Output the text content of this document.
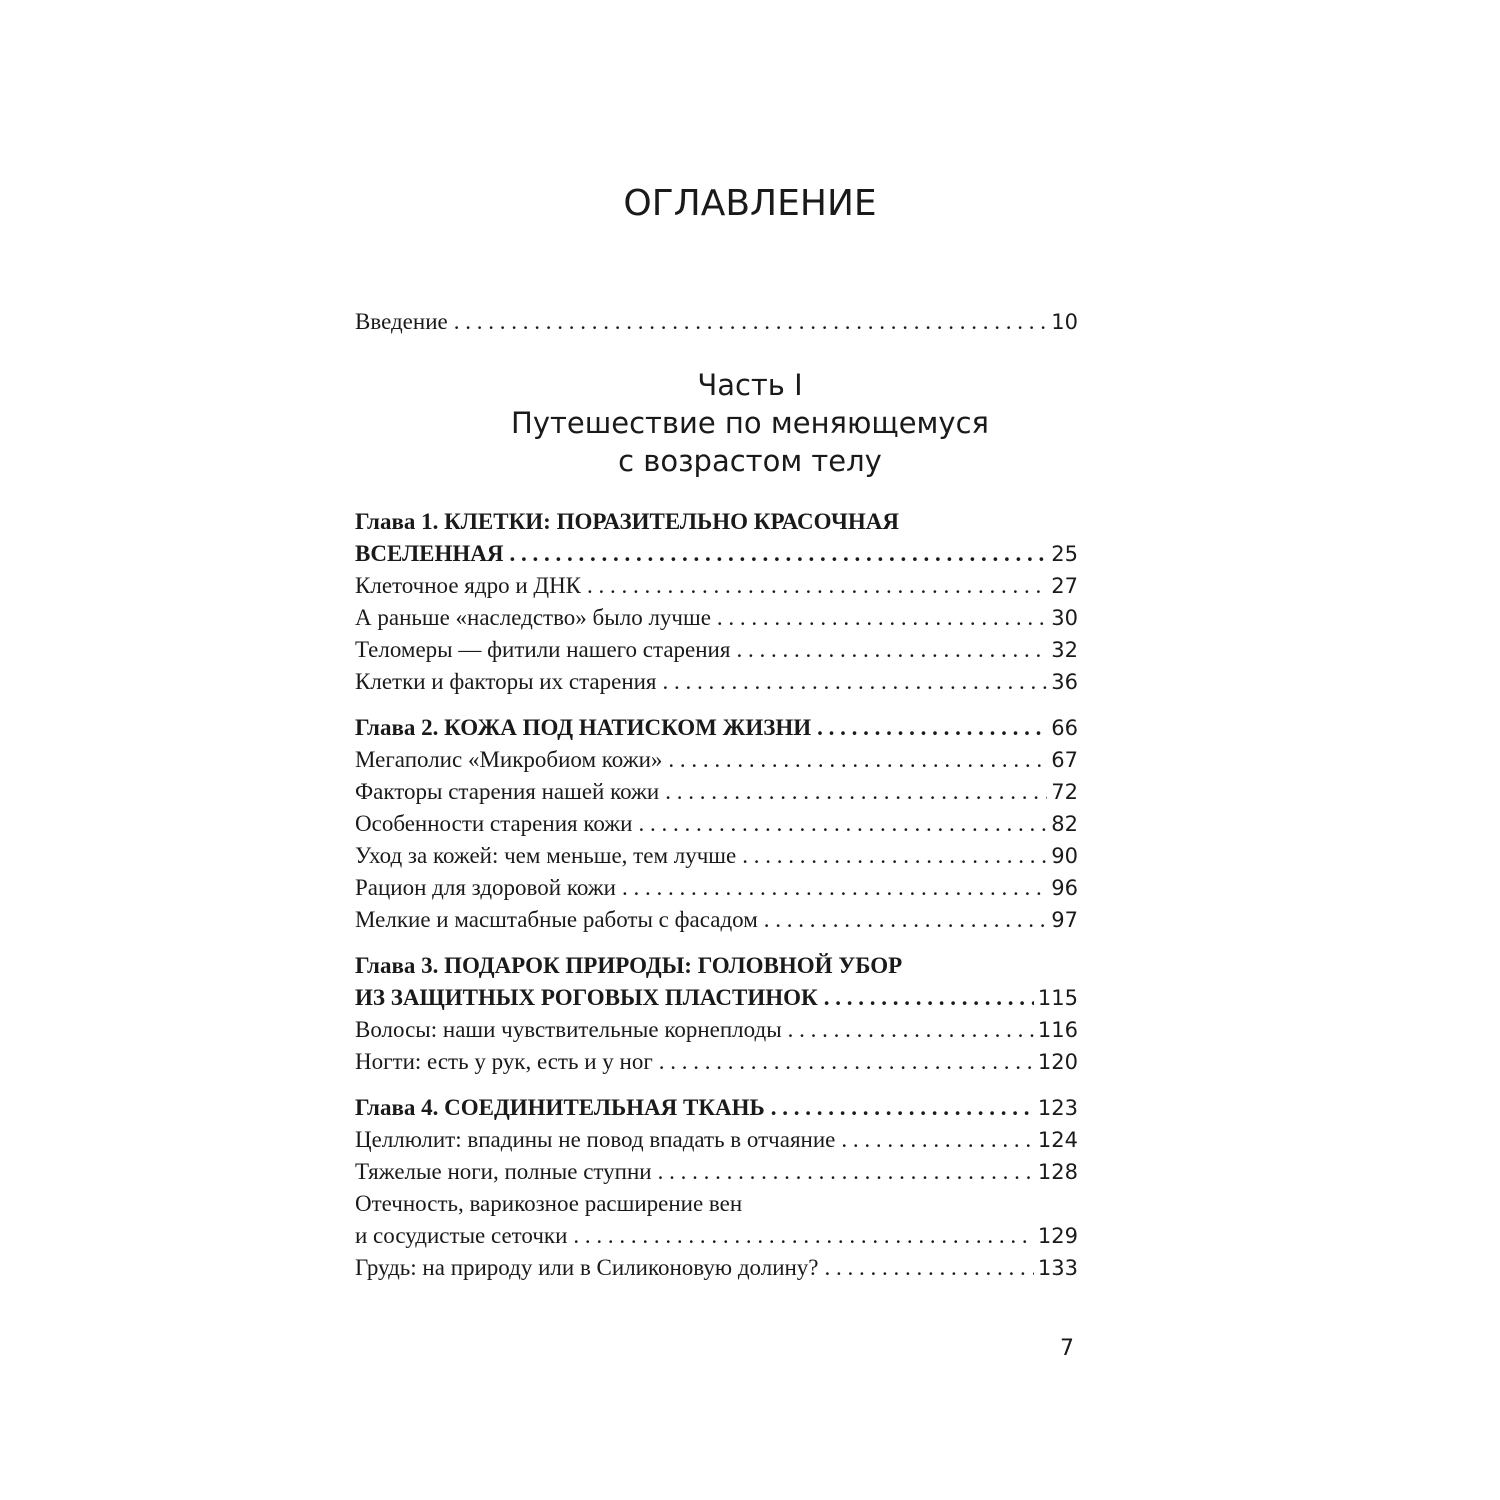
ОГЛАВЛЕНИЕ
Введение . . .	10
Часть I
Путешествие по меняющемуся
с возрастом телу
Глава 1. КЛЕТКИ: ПОРАЗИТЕЛЬНО КРАСОЧНАЯ
ВСЕЛЕННАЯ . . .	25
Клеточное ядро и ДНК . . .	27
А раньше «наследство» было лучше . . .	30
Теломеры — фитили нашего старения . . .	32
Клетки и факторы их старения . . .	36
Глава 2. КОЖА ПОД НАТИСКОМ ЖИЗНИ . . .	66
Мегаполис «Микробиом кожи» . . .	67
Факторы старения нашей кожи . . .	72
Особенности старения кожи . . .	82
Уход за кожей: чем меньше, тем лучше . . .	90
Рацион для здоровой кожи . . .	96
Мелкие и масштабные работы с фасадом . . .	97
Глава 3. ПОДАРОК ПРИРОДЫ: ГОЛОВНОЙ УБОР
ИЗ ЗАЩИТНЫХ РОГОВЫХ ПЛАСТИНОК . . .	115
Волосы: наши чувствительные корнеплоды . . .	116
Ногти: есть у рук, есть и у ног . . .	120
Глава 4. СОЕДИНИТЕЛЬНАЯ ТКАНЬ . . .	123
Целлюлит: впадины не повод впадать в отчаяние . . .	124
Тяжелые ноги, полные ступни . . .	128
Отечность, варикозное расширение вен
и сосудистые сеточки . . .	129
Грудь: на природу или в Силиконовую долину? . . .	133
7
